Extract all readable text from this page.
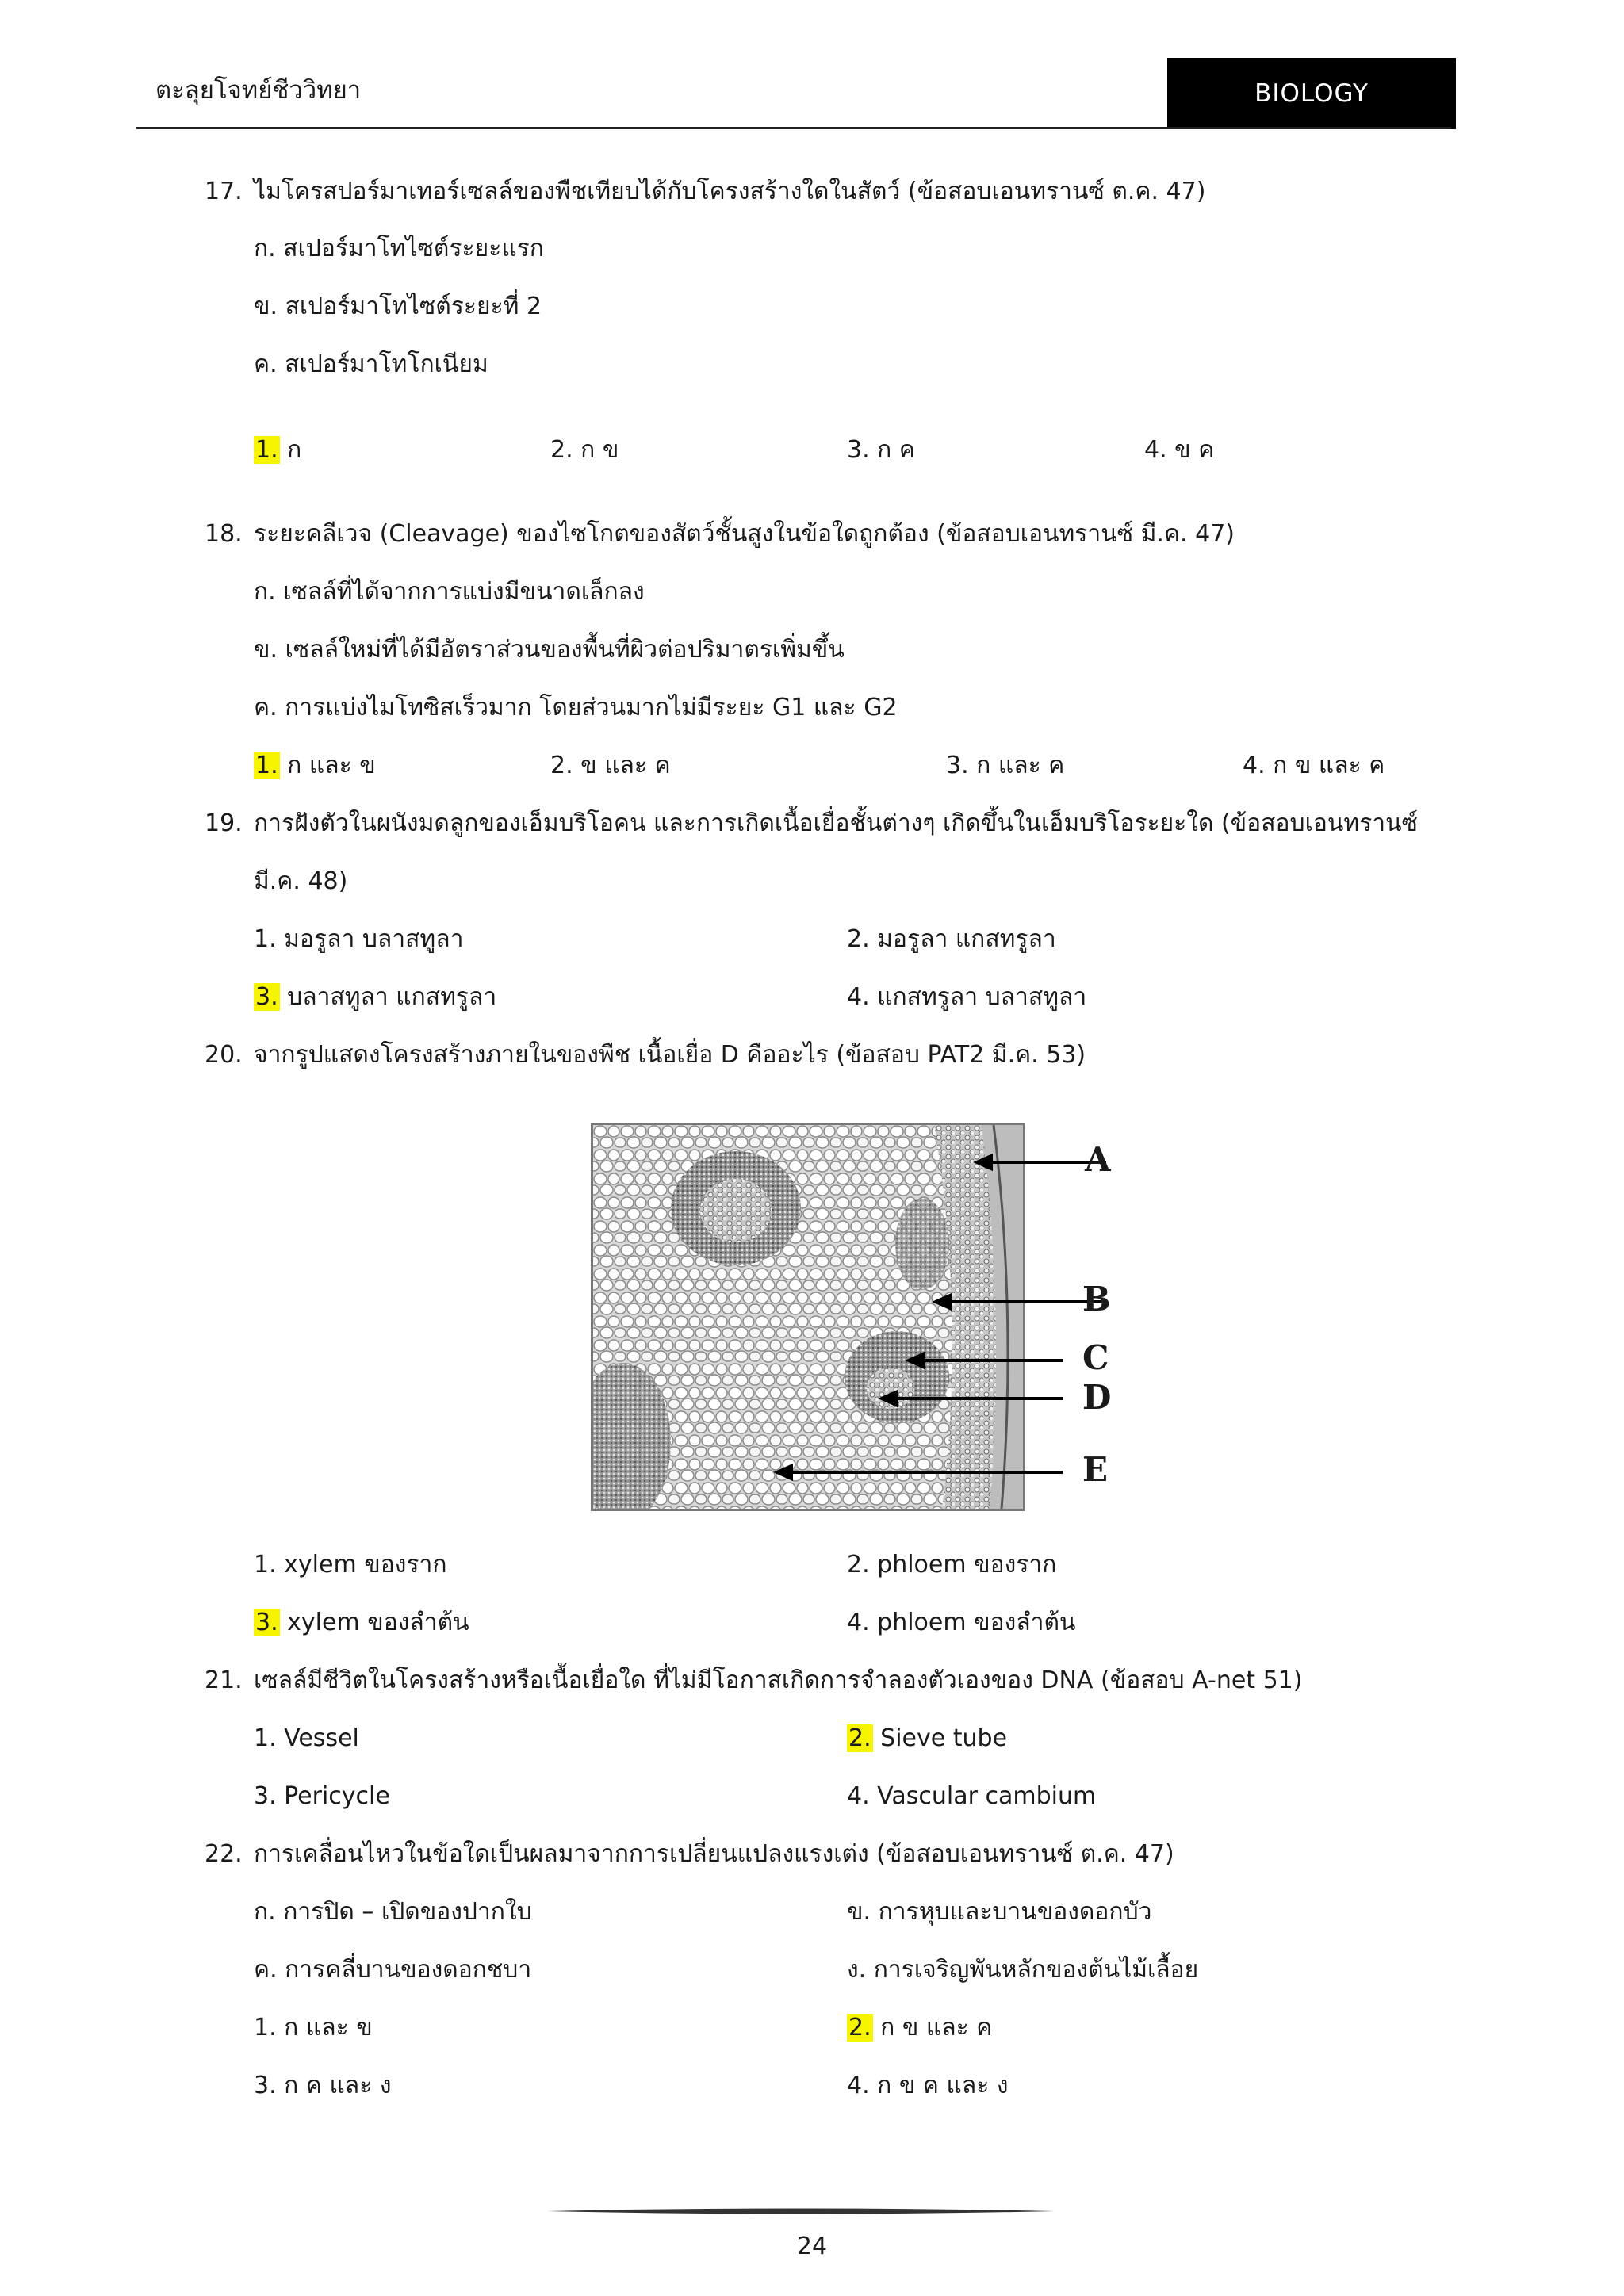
ตะลุยโจทย์ชีววิทยา	BIOLOGY
17. ไมโครสปอร์มาเทอร์เซลล์ของพืชเทียบได้กับโครงสร้างใดในสัตว์ (ข้อสอบเอนทรานซ์ ต.ค. 47)
ก. สเปอร์มาโทไซต์ระยะแรก
ข. สเปอร์มาโทไซต์ระยะที่ 2
ค. สเปอร์มาโทโกเนียม
1. ก	2. ก ข	3. ก ค	4. ข ค
18. ระยะคลีเวจ (Cleavage) ของไซโกตของสัตว์ชั้นสูงในข้อใดถูกต้อง (ข้อสอบเอนทรานซ์ มี.ค. 47)
ก. เซลล์ที่ได้จากการแบ่งมีขนาดเล็กลง
ข. เซลล์ใหม่ที่ได้มีอัตราส่วนของพื้นที่ผิวต่อปริมาตรเพิ่มขึ้น
ค. การแบ่งไมโทซิสเร็วมาก โดยส่วนมากไม่มีระยะ G1 และ G2
1. ก และ ข	2. ข และ ค	3. ก และ ค	4. ก ข และ ค
19. การฝังตัวในผนังมดลูกของเอ็มบริโอคน และการเกิดเนื้อเยื่อชั้นต่างๆ เกิดขึ้นในเอ็มบริโอระยะใด (ข้อสอบเอนทรานซ์
มี.ค. 48)
1. มอรูลา บลาสทูลา	2. มอรูลา แกสทรูลา
3. บลาสทูลา แกสทรูลา	4. แกสทรูลา บลาสทูลา
20. จากรูปแสดงโครงสร้างภายในของพืช เนื้อเยื่อ D คืออะไร (ข้อสอบ PAT2 มี.ค. 53)
A
B
C
D
E
1. xylem ของราก	2. phloem ของราก
3. xylem ของลำต้น	4. phloem ของลำต้น
21. เซลล์มีชีวิตในโครงสร้างหรือเนื้อเยื่อใด ที่ไม่มีโอกาสเกิดการจำลองตัวเองของ DNA (ข้อสอบ A-net 51)
1. Vessel	2. Sieve tube
3. Pericycle	4. Vascular cambium
22. การเคลื่อนไหวในข้อใดเป็นผลมาจากการเปลี่ยนแปลงแรงเต่ง (ข้อสอบเอนทรานซ์ ต.ค. 47)
ก. การปิด – เปิดของปากใบ	ข. การหุบและบานของดอกบัว
ค. การคลี่บานของดอกชบา	ง. การเจริญพันหลักของต้นไม้เลื้อย
1. ก และ ข	2. ก ข และ ค
3. ก ค และ ง	4. ก ข ค และ ง
24
